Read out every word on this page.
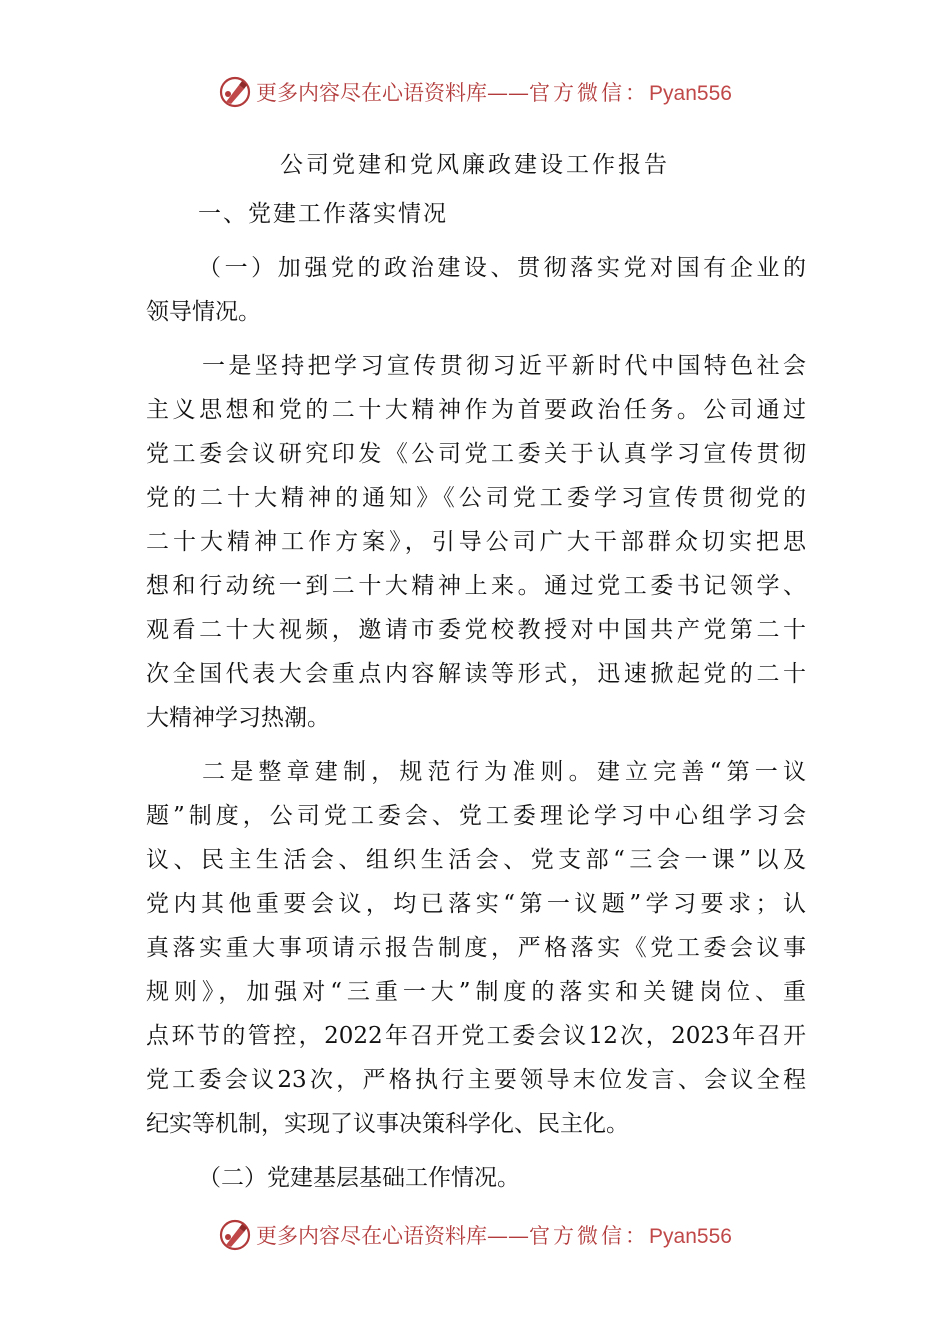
更多内容尽在心语资料库——官方微信：Pyan556
公司党建和党风廉政建设工作报告
一、党建工作落实情况
（一）加强党的政治建设、贯彻落实党对国有企业的
领导情况。
一是坚持把学习宣传贯彻习近平新时代中国特色社会
主义思想和党的二十大精神作为首要政治任务。公司通过
党工委会议研究印发《公司党工委关于认真学习宣传贯彻
党的二十大精神的通知》《公司党工委学习宣传贯彻党的
二十大精神工作方案》，引导公司广大干部群众切实把思
想和行动统一到二十大精神上来。通过党工委书记领学、
观看二十大视频，邀请市委党校教授对中国共产党第二十
次全国代表大会重点内容解读等形式，迅速掀起党的二十
大精神学习热潮。
二是整章建制，规范行为准则。建立完善“第一议
题”制度，公司党工委会、党工委理论学习中心组学习会
议、民主生活会、组织生活会、党支部“三会一课”以及
党内其他重要会议，均已落实“第一议题”学习要求；认
真落实重大事项请示报告制度，严格落实《党工委会议事
规则》，加强对“三重一大”制度的落实和关键岗位、重
点环节的管控，2022年召开党工委会议12次，2023年召开
党工委会议23次，严格执行主要领导末位发言、会议全程
纪实等机制，实现了议事决策科学化、民主化。
（二）党建基层基础工作情况。
更多内容尽在心语资料库——官方微信：Pyan556
